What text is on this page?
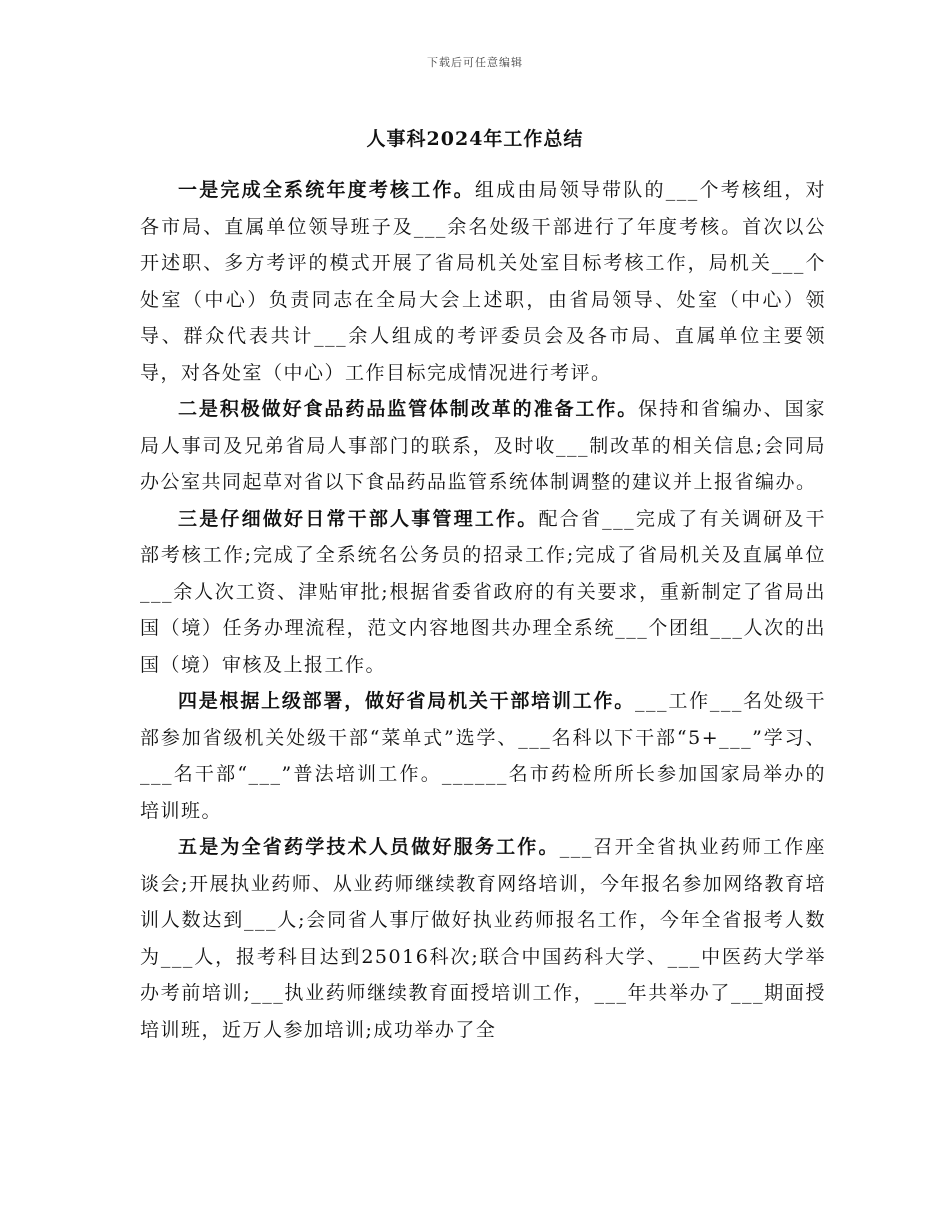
下载后可任意编辑
人事科2024年工作总结

一是完成全系统年度考核工作。组成由局领导带队的___个考核组，对各市局、直属单位领导班子及___余名处级干部进行了年度考核。首次以公开述职、多方考评的模式开展了省局机关处室目标考核工作，局机关___个处室（中心）负责同志在全局大会上述职，由省局领导、处室（中心）领导、群众代表共计___余人组成的考评委员会及各市局、直属单位主要领导，对各处室（中心）工作目标完成情况进行考评。

二是积极做好食品药品监管体制改革的准备工作。保持和省编办、国家局人事司及兄弟省局人事部门的联系，及时收___制改革的相关信息;会同局办公室共同起草对省以下食品药品监管系统体制调整的建议并上报省编办。

三是仔细做好日常干部人事管理工作。配合省___完成了有关调研及干部考核工作;完成了全系统名公务员的招录工作;完成了省局机关及直属单位___余人次工资、津贴审批;根据省委省政府的有关要求，重新制定了省局出国（境）任务办理流程，范文内容地图共办理全系统___个团组___人次的出国（境）审核及上报工作。

四是根据上级部署，做好省局机关干部培训工作。___工作___名处级干部参加省级机关处级干部“菜单式”选学、___名科以下干部“5+___”学习、___名干部“___”普法培训工作。______名市药检所所长参加国家局举办的培训班。

五是为全省药学技术人员做好服务工作。___召开全省执业药师工作座谈会;开展执业药师、从业药师继续教育网络培训，今年报名参加网络教育培训人数达到___人;会同省人事厅做好执业药师报名工作，今年全省报考人数为___人，报考科目达到25016科次;联合中国药科大学、___中医药大学举办考前培训;___执业药师继续教育面授培训工作，___年共举办了___期面授培训班，近万人参加培训;成功举办了全
